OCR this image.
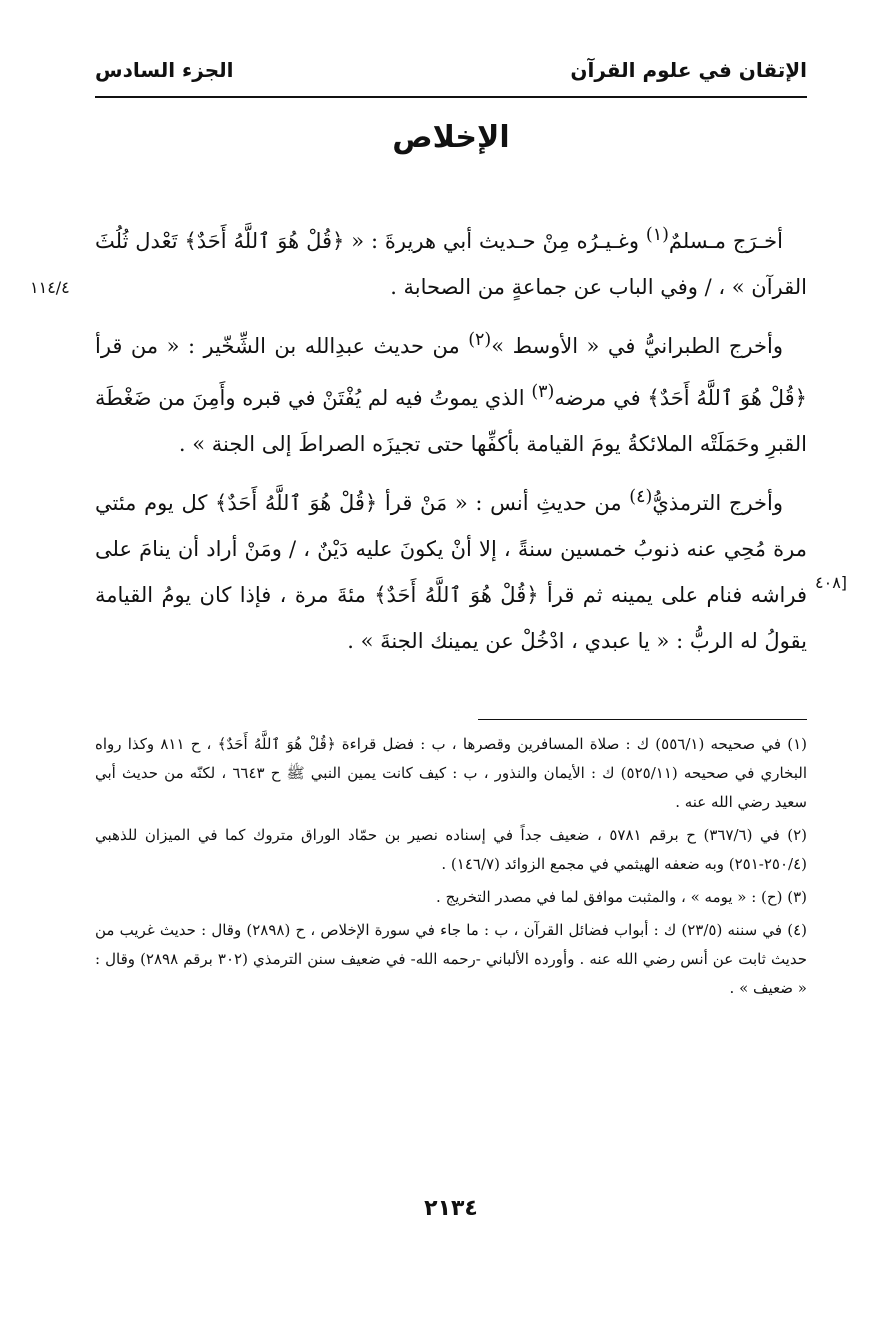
الإتقان في علوم القرآن
الجزء السادس
الإخلاص
١١٤/٤
[٤٠٨

أخـرَج مـسلمٌ$^{(١)}$ وغـيـرُه مِنْ حـديث أبي هريرةَ : « ﴿قُلْ هُوَ ٱللَّهُ أَحَدٌ﴾ تَعْدل ثُلُثَ القرآن » ، / وفي الباب عن جماعةٍ من الصحابة .

وأخرج الطبرانيُّ في « الأوسط »$^{(٢)}$ من حديث عبدِالله بن الشِّخّير : « من قرأ ﴿قُلْ هُوَ ٱللَّهُ أَحَدٌ﴾ في مرضه$^{(٣)}$ الذي يموتُ فيه لم يُفْتَنْ في قبره وأَمِنَ من ضَغْطَة القبرِ وحَمَلَتْه الملائكةُ يومَ القيامة بأكفِّها حتى تجيزَه الصراطَ إلى الجنة » .

وأخرج الترمذيُّ$^{(٤)}$ من حديثِ أنس : « مَنْ قرأ ﴿قُلْ هُوَ ٱللَّهُ أَحَدٌ﴾ كل يوم مئتي مرة مُحِي عنه ذنوبُ خمسين سنةً ، إلا أنْ يكونَ عليه دَيْنٌ ، / ومَنْ أراد أن ينامَ على فراشه فنام على يمينه ثم قرأ ﴿قُلْ هُوَ ٱللَّهُ أَحَدٌ﴾ مئةَ مرة ، فإذا كان يومُ القيامة يقولُ له الربُّ : « يا عبدي ، ادْخُلْ عن يمينك الجنةَ » .

(١) في صحيحه (٥٥٦/١) ك : صلاة المسافرين وقصرها ، ب : فضل قراءة ﴿قُلْ هُوَ ٱللَّهُ أَحَدٌ﴾ ، ح ٨١١ وكذا رواه البخاري في صحيحه (٥٢٥/١١) ك : الأيمان والنذور ، ب : كيف كانت يمين النبي ﷺ ح ٦٦٤٣ ، لكنّه من حديث أبي سعيد رضي الله عنه .

(٢) في (٣٦٧/٦) ح برقم ٥٧٨١ ، ضعيف جداً في إسناده نصير بن حمّاد الوراق متروك كما في الميزان للذهبي (٢٥٠/٤-٢٥١) وبه ضعفه الهيثمي في مجمع الزوائد (١٤٦/٧) .

(٣) (ح) : « يومه » ، والمثبت موافق لما في مصدر التخريج .

(٤) في سننه (٢٣/٥) ك : أبواب فضائل القرآن ، ب : ما جاء في سورة الإخلاص ، ح (٢٨٩٨) وقال : حديث غريب من حديث ثابت عن أنس رضي الله عنه . وأورده الألباني -رحمه الله- في ضعيف سنن الترمذي (٣٠٢ برقم ٢٨٩٨) وقال : « ضعيف » .

٢١٣٤
